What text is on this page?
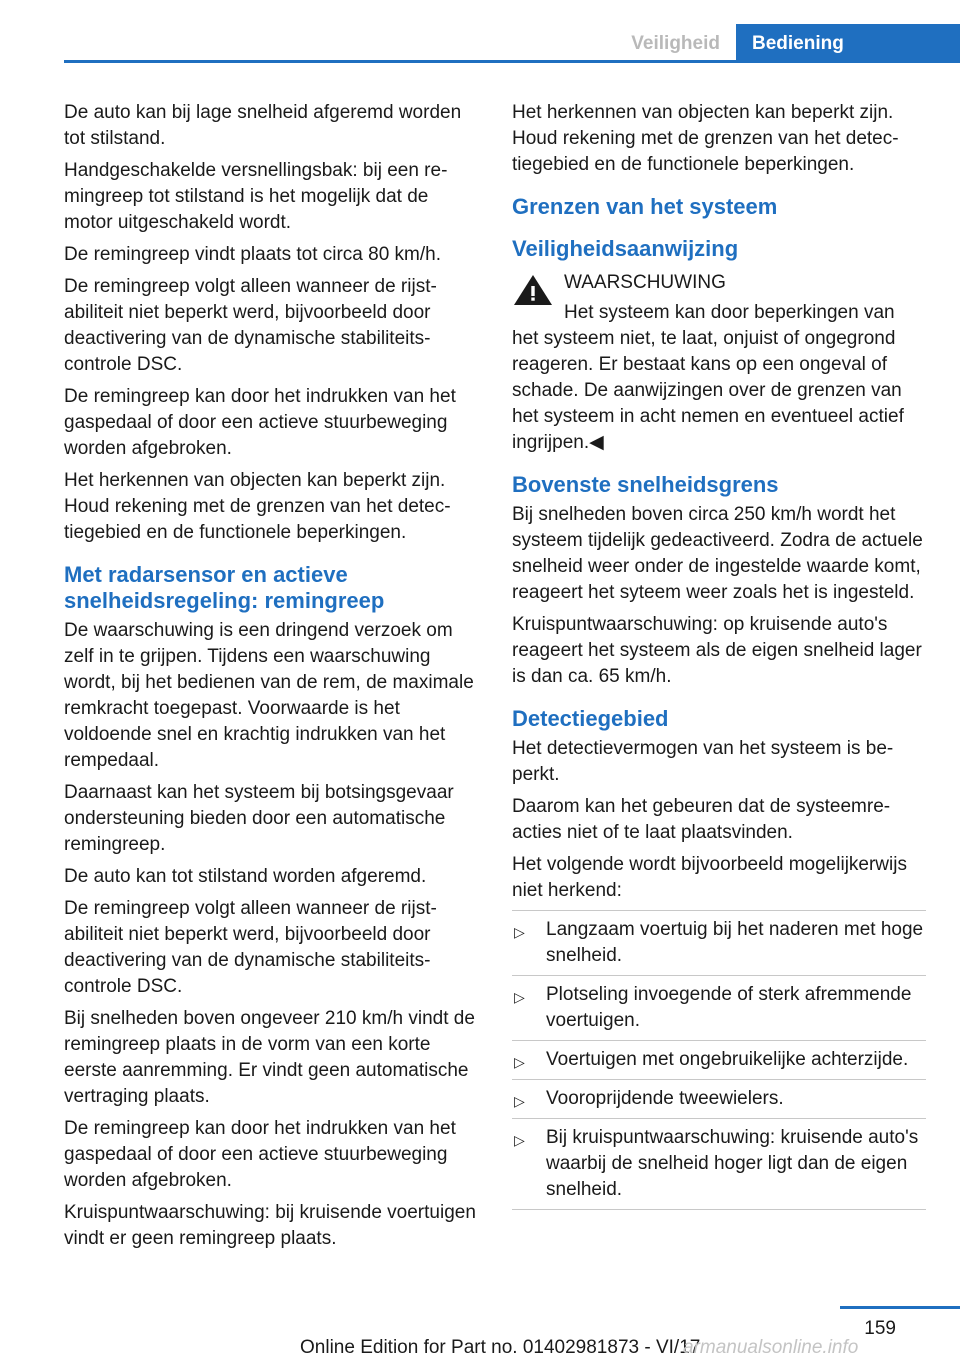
Veiligheid	Bediening

De auto kan bij lage snelheid afgeremd worden tot stilstand.

Handgeschakelde versnellingsbak: bij een remingreep tot stilstand is het mogelijk dat de motor uitgeschakeld wordt.

De remingreep vindt plaats tot circa 80 km/h.

De remingreep volgt alleen wanneer de rijstabiliteit niet beperkt werd, bijvoorbeeld door deactivering van de dynamische stabiliteitscontrole DSC.

De remingreep kan door het indrukken van het gaspedaal of door een actieve stuurbeweging worden afgebroken.

Het herkennen van objecten kan beperkt zijn. Houd rekening met de grenzen van het detectiegebied en de functionele beperkingen.

Met radarsensor en actieve snelheidsregeling: remingreep

De waarschuwing is een dringend verzoek om zelf in te grijpen. Tijdens een waarschuwing wordt, bij het bedienen van de rem, de maximale remkracht toegepast. Voorwaarde is het voldoende snel en krachtig indrukken van het rempedaal.

Daarnaast kan het systeem bij botsingsgevaar ondersteuning bieden door een automatische remingreep.

De auto kan tot stilstand worden afgeremd.

De remingreep volgt alleen wanneer de rijstabiliteit niet beperkt werd, bijvoorbeeld door deactivering van de dynamische stabiliteitscontrole DSC.

Bij snelheden boven ongeveer 210 km/h vindt de remingreep plaats in de vorm van een korte eerste aanremming. Er vindt geen automatische vertraging plaats.

De remingreep kan door het indrukken van het gaspedaal of door een actieve stuurbeweging worden afgebroken.

Kruispuntwaarschuwing: bij kruisende voertuigen vindt er geen remingreep plaats.

Het herkennen van objecten kan beperkt zijn. Houd rekening met de grenzen van het detectiegebied en de functionele beperkingen.

Grenzen van het systeem
Veiligheidsaanwijzing
WAARSCHUWING

Het systeem kan door beperkingen van het systeem niet, te laat, onjuist of ongegrond reageren. Er bestaat kans op een ongeval of schade. De aanwijzingen over de grenzen van het systeem in acht nemen en eventueel actief ingrijpen.◀

Bovenste snelheidsgrens

Bij snelheden boven circa 250 km/h wordt het systeem tijdelijk gedeactiveerd. Zodra de actuele snelheid weer onder de ingestelde waarde komt, reageert het syteem weer zoals het is ingesteld.

Kruispuntwaarschuwing: op kruisende auto's reageert het systeem als de eigen snelheid lager is dan ca. 65 km/h.

Detectiegebied

Het detectievermogen van het systeem is beperkt.

Daarom kan het gebeuren dat de systeemreacties niet of te laat plaatsvinden.

Het volgende wordt bijvoorbeeld mogelijkerwijs niet herkend:

▷ Langzaam voertuig bij het naderen met hoge snelheid.
▷ Plotseling invoegende of sterk afremmende voertuigen.
▷ Voertuigen met ongebruikelijke achterzijde.
▷ Vooroprijdende tweewielers.
▷ Bij kruispuntwaarschuwing: kruisende auto's waarbij de snelheid hoger ligt dan de eigen snelheid.
159
Online Edition for Part no. 01402981873 - VI/17
armanualsonline.info
